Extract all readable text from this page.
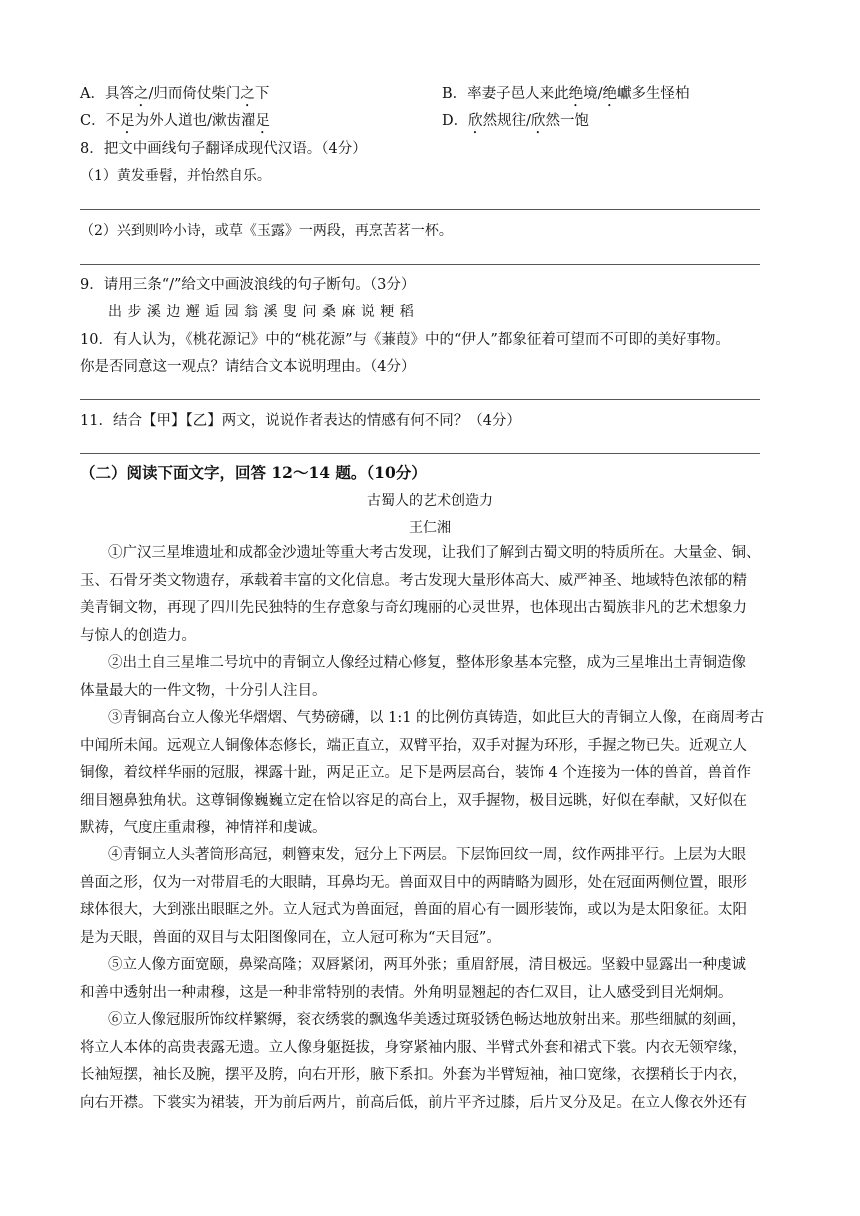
A．具答之/归而倚仗柴门之下	B．率妻子邑人来此绝境/绝巘多生怪柏
C．不足为外人道也/漱齿濯足	D．欣然规往/欣然一饱
8．把文中画线句子翻译成现代汉语。（4分）
（1）黄发垂髫，并怡然自乐。
（2）兴到则吟小诗，或草《玉露》一两段，再烹苦茗一杯。
9．请用三条“/”给文中画波浪线的句子断句。（3分）
出 步 溪 边 邂 逅 园 翁 溪 叟 问 桑 麻 说 粳 稻
10．有人认为，《桃花源记》中的“桃花源”与《蒹葭》中的“伊人”都象征着可望而不可即的美好事物。
你是否同意这一观点？请结合文本说明理由。（4分）
11．结合【甲】【乙】两文，说说作者表达的情感有何不同？（4分）
（二）阅读下面文字，回答 12～14 题。（10分）
古蜀人的艺术创造力
王仁湘
①广汉三星堆遗址和成都金沙遗址等重大考古发现，让我们了解到古蜀文明的特质所在。大量金、铜、
玉、石骨牙类文物遗存，承载着丰富的文化信息。考古发现大量形体高大、威严神圣、地域特色浓郁的精
美青铜文物，再现了四川先民独特的生存意象与奇幻瑰丽的心灵世界，也体现出古蜀族非凡的艺术想象力
与惊人的创造力。
②出土自三星堆二号坑中的青铜立人像经过精心修复，整体形象基本完整，成为三星堆出土青铜造像
体量最大的一件文物，十分引人注目。
③青铜高台立人像光华熠熠、气势磅礴，以 1:1 的比例仿真铸造，如此巨大的青铜立人像，在商周考古
中闻所未闻。远观立人铜像体态修长，端正直立，双臂平抬，双手对握为环形，手握之物已失。近观立人
铜像，着纹样华丽的冠服，裸露十趾，两足正立。足下是两层高台，装饰 4 个连接为一体的兽首，兽首作
细目翘鼻独角状。这尊铜像巍巍立定在恰以容足的高台上，双手握物，极目远眺，好似在奉献，又好似在
默祷，气度庄重肃穆，神情祥和虔诚。
④青铜立人头著筒形高冠，刺簪束发，冠分上下两层。下层饰回纹一周，纹作两排平行。上层为大眼
兽面之形，仅为一对带眉毛的大眼睛，耳鼻均无。兽面双目中的两睛略为圆形，处在冠面两侧位置，眼形
球体很大，大到涨出眼眶之外。立人冠式为兽面冠，兽面的眉心有一圆形装饰，或以为是太阳象征。太阳
是为天眼，兽面的双目与太阳图像同在，立人冠可称为“天目冠”。
⑤立人像方面宽颐，鼻梁高隆；双唇紧闭，两耳外张；重眉舒展，清目极远。坚毅中显露出一种虔诚
和善中透射出一种肃穆，这是一种非常特别的表情。外角明显翘起的杏仁双目，让人感受到目光炯炯。
⑥立人像冠服所饰纹样繁缛，衮衣绣裳的飘逸华美透过斑驳锈色畅达地放射出来。那些细腻的刻画，
将立人本体的高贵表露无遗。立人像身躯挺拔，身穿紧袖内服、半臂式外套和裙式下裳。内衣无领窄缘，
长袖短摆，袖长及腕，摆平及胯，向右开形，腋下系扣。外套为半臂短袖，袖口宽缘，衣摆稍长于内衣，
向右开襟。下裳实为裙装，开为前后两片，前高后低，前片平齐过膝，后片叉分及足。在立人像衣外还有
